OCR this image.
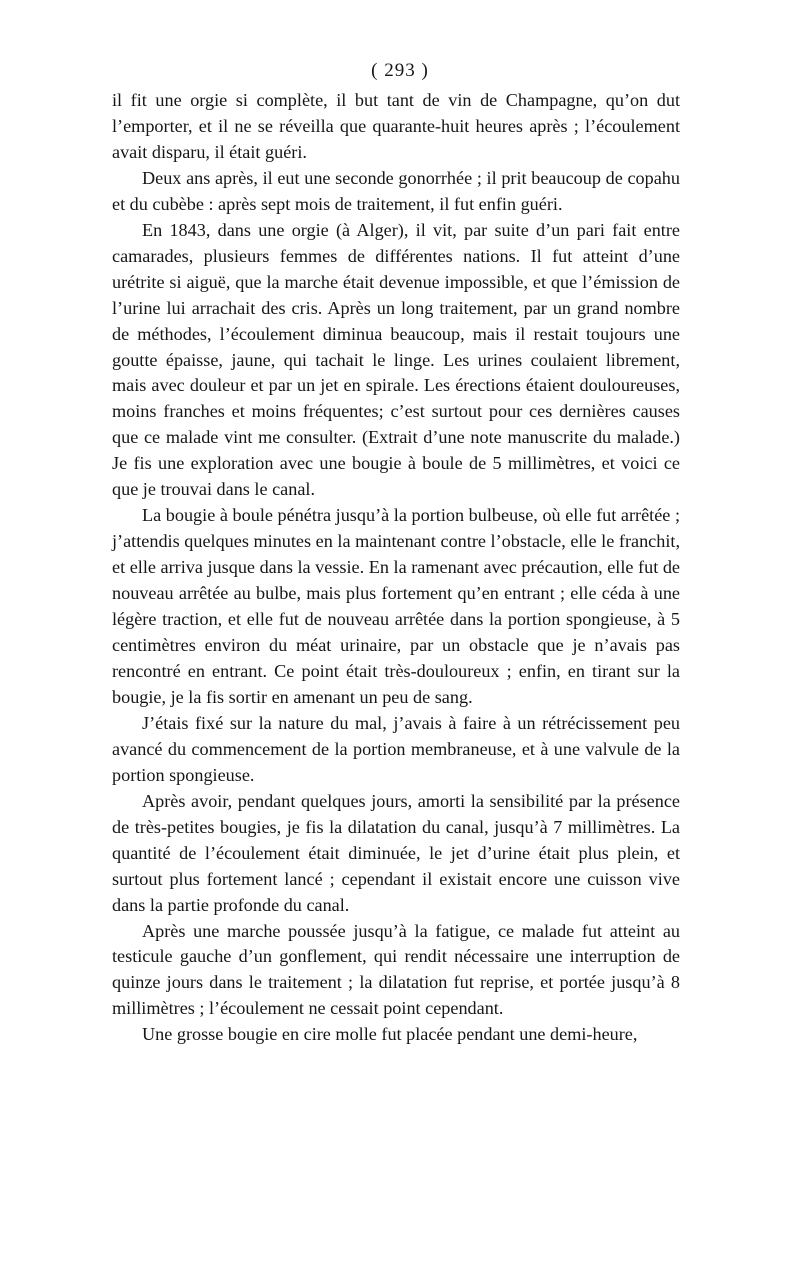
( 293 )

il fit une orgie si complète, il but tant de vin de Champagne, qu’on dut l’emporter, et il ne se réveilla que quarante-huit heures après ; l’écoulement avait disparu, il était guéri.

Deux ans après, il eut une seconde gonorrhée ; il prit beaucoup de copahu et du cubèbe : après sept mois de traitement, il fut enfin guéri.

En 1843, dans une orgie (à Alger), il vit, par suite d’un pari fait entre camarades, plusieurs femmes de différentes nations. Il fut atteint d’une urétrite si aiguë, que la marche était devenue impossible, et que l’émission de l’urine lui arrachait des cris. Après un long traitement, par un grand nombre de méthodes, l’écoulement diminua beaucoup, mais il restait toujours une goutte épaisse, jaune, qui tachait le linge. Les urines coulaient librement, mais avec douleur et par un jet en spirale. Les érections étaient douloureuses, moins franches et moins fréquentes; c’est surtout pour ces dernières causes que ce malade vint me consulter. (Extrait d’une note manuscrite du malade.) Je fis une exploration avec une bougie à boule de 5 millimètres, et voici ce que je trouvai dans le canal.

La bougie à boule pénétra jusqu’à la portion bulbeuse, où elle fut arrêtée ; j’attendis quelques minutes en la maintenant contre l’obstacle, elle le franchit, et elle arriva jusque dans la vessie. En la ramenant avec précaution, elle fut de nouveau arrêtée au bulbe, mais plus fortement qu’en entrant ; elle céda à une légère traction, et elle fut de nouveau arrêtée dans la portion spongieuse, à 5 centimètres environ du méat urinaire, par un obstacle que je n’avais pas rencontré en entrant. Ce point était très-douloureux ; enfin, en tirant sur la bougie, je la fis sortir en amenant un peu de sang.

J’étais fixé sur la nature du mal, j’avais à faire à un rétrécissement peu avancé du commencement de la portion membraneuse, et à une valvule de la portion spongieuse.

Après avoir, pendant quelques jours, amorti la sensibilité par la présence de très-petites bougies, je fis la dilatation du canal, jusqu’à 7 millimètres. La quantité de l’écoulement était diminuée, le jet d’urine était plus plein, et surtout plus fortement lancé ; cependant il existait encore une cuisson vive dans la partie profonde du canal.

Après une marche poussée jusqu’à la fatigue, ce malade fut atteint au testicule gauche d’un gonflement, qui rendit nécessaire une interruption de quinze jours dans le traitement ; la dilatation fut reprise, et portée jusqu’à 8 millimètres ; l’écoulement ne cessait point cependant.

Une grosse bougie en cire molle fut placée pendant une demi-heure,
